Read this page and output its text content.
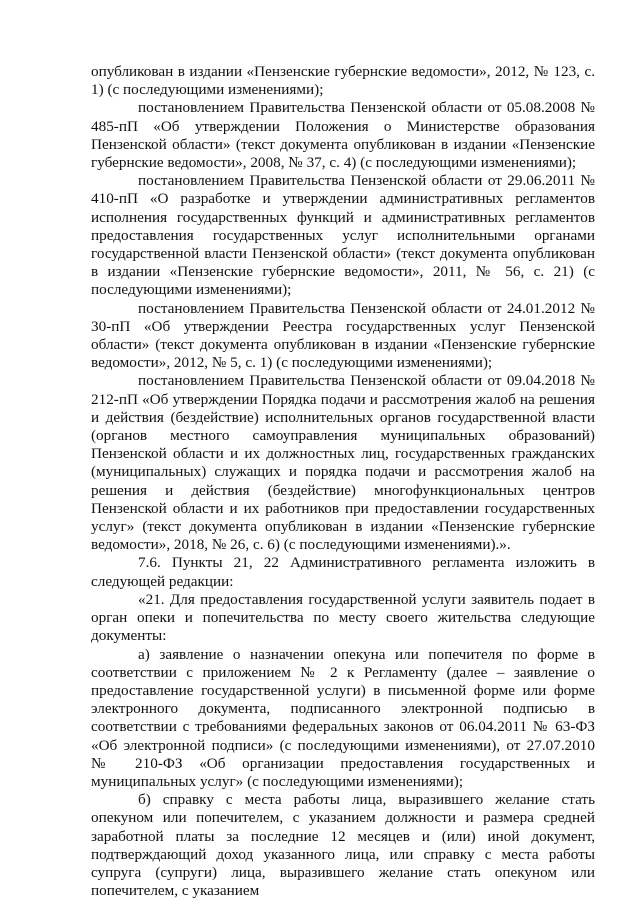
опубликован в издании «Пензенские губернские ведомости», 2012, № 123, с. 1) (с последующими изменениями);

постановлением Правительства Пензенской области от 05.08.2008 № 485-пП «Об утверждении Положения о Министерстве образования Пензенской области» (текст документа опубликован в издании «Пензенские губернские ведомости», 2008, № 37, с. 4) (с последующими изменениями);

постановлением Правительства Пензенской области от 29.06.2011 № 410-пП «О разработке и утверждении административных регламентов исполнения государственных функций и административных регламентов предоставления государственных услуг исполнительными органами государственной власти Пензенской области» (текст документа опубликован в издании «Пензенские губернские ведомости», 2011, № 56, с. 21) (с последующими изменениями);

постановлением Правительства Пензенской области от 24.01.2012 № 30-пП «Об утверждении Реестра государственных услуг Пензенской области» (текст документа опубликован в издании «Пензенские губернские ведомости», 2012, № 5, с. 1) (с последующими изменениями);

постановлением Правительства Пензенской области от 09.04.2018 № 212-пП «Об утверждении Порядка подачи и рассмотрения жалоб на решения и действия (бездействие) исполнительных органов государственной власти (органов местного самоуправления муниципальных образований) Пензенской области и их должностных лиц, государственных гражданских (муниципальных) служащих и порядка подачи и рассмотрения жалоб на решения и действия (бездействие) многофункциональных центров Пензенской области и их работников при предоставлении государственных услуг» (текст документа опубликован в издании «Пензенские губернские ведомости», 2018, № 26, с. 6) (с последующими изменениями).».

7.6. Пункты 21, 22 Административного регламента изложить в следующей редакции:

«21. Для предоставления государственной услуги заявитель подает в орган опеки и попечительства по месту своего жительства следующие документы:

а) заявление о назначении опекуна или попечителя по форме в соответствии с приложением № 2 к Регламенту (далее – заявление о предоставление государственной услуги) в письменной форме или форме электронного документа, подписанного электронной подписью в соответствии с требованиями федеральных законов от 06.04.2011 № 63-ФЗ «Об электронной подписи» (с последующими изменениями), от 27.07.2010 № 210-ФЗ «Об организации предоставления государственных и муниципальных услуг» (с последующими изменениями);

б) справку с места работы лица, выразившего желание стать опекуном или попечителем, с указанием должности и размера средней заработной платы за последние 12 месяцев и (или) иной документ, подтверждающий доход указанного лица, или справку с места работы супруга (супруги) лица, выразившего желание стать опекуном или попечителем, с указанием
